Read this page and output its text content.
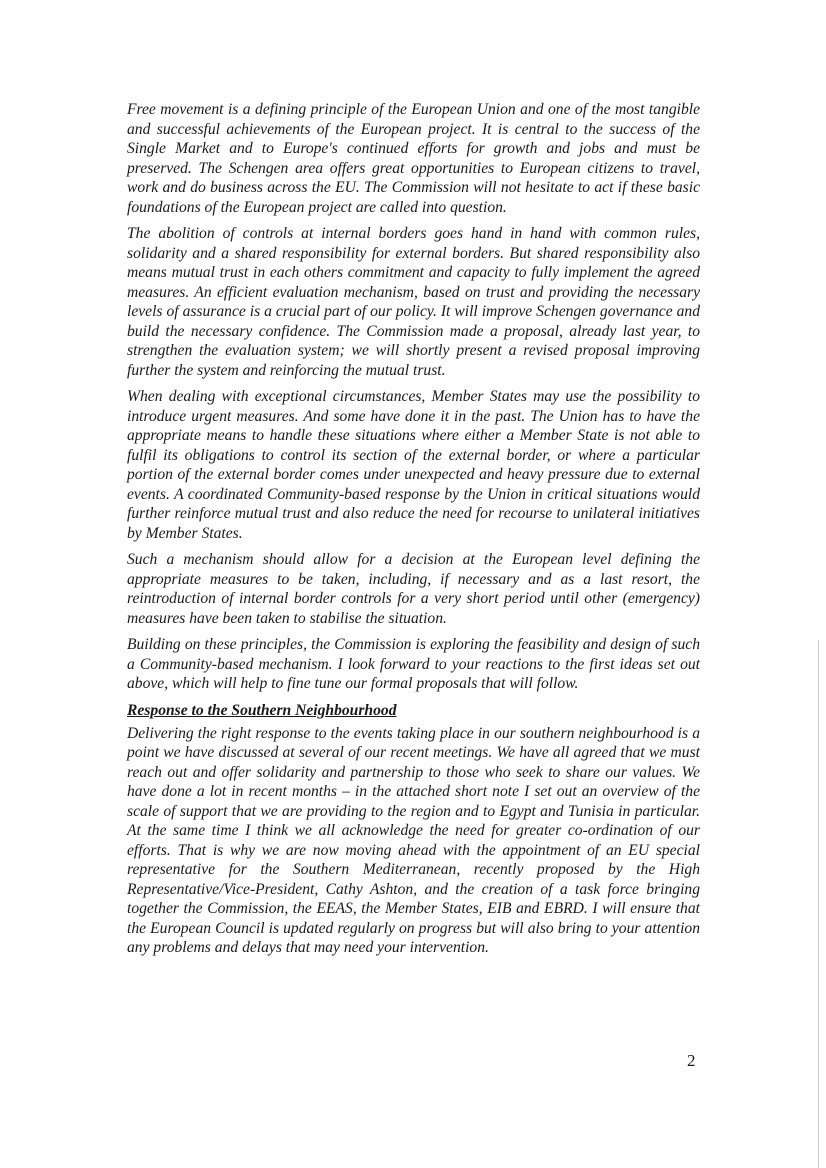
Free movement is a defining principle of the European Union and one of the most tangible and successful achievements of the European project. It is central to the success of the Single Market and to Europe's continued efforts for growth and jobs and must be preserved. The Schengen area offers great opportunities to European citizens to travel, work and do business across the EU. The Commission will not hesitate to act if these basic foundations of the European project are called into question.

The abolition of controls at internal borders goes hand in hand with common rules, solidarity and a shared responsibility for external borders. But shared responsibility also means mutual trust in each others commitment and capacity to fully implement the agreed measures. An efficient evaluation mechanism, based on trust and providing the necessary levels of assurance is a crucial part of our policy. It will improve Schengen governance and build the necessary confidence. The Commission made a proposal, already last year, to strengthen the evaluation system; we will shortly present a revised proposal improving further the system and reinforcing the mutual trust.

When dealing with exceptional circumstances, Member States may use the possibility to introduce urgent measures. And some have done it in the past. The Union has to have the appropriate means to handle these situations where either a Member State is not able to fulfil its obligations to control its section of the external border, or where a particular portion of the external border comes under unexpected and heavy pressure due to external events. A coordinated Community-based response by the Union in critical situations would further reinforce mutual trust and also reduce the need for recourse to unilateral initiatives by Member States.

Such a mechanism should allow for a decision at the European level defining the appropriate measures to be taken, including, if necessary and as a last resort, the reintroduction of internal border controls for a very short period until other (emergency) measures have been taken to stabilise the situation.

Building on these principles, the Commission is exploring the feasibility and design of such a Community-based mechanism. I look forward to your reactions to the first ideas set out above, which will help to fine tune our formal proposals that will follow.

Response to the Southern Neighbourhood

Delivering the right response to the events taking place in our southern neighbourhood is a point we have discussed at several of our recent meetings. We have all agreed that we must reach out and offer solidarity and partnership to those who seek to share our values. We have done a lot in recent months – in the attached short note I set out an overview of the scale of support that we are providing to the region and to Egypt and Tunisia in particular. At the same time I think we all acknowledge the need for greater co-ordination of our efforts. That is why we are now moving ahead with the appointment of an EU special representative for the Southern Mediterranean, recently proposed by the High Representative/Vice-President, Cathy Ashton, and the creation of a task force bringing together the Commission, the EEAS, the Member States, EIB and EBRD. I will ensure that the European Council is updated regularly on progress but will also bring to your attention any problems and delays that may need your intervention.

2
